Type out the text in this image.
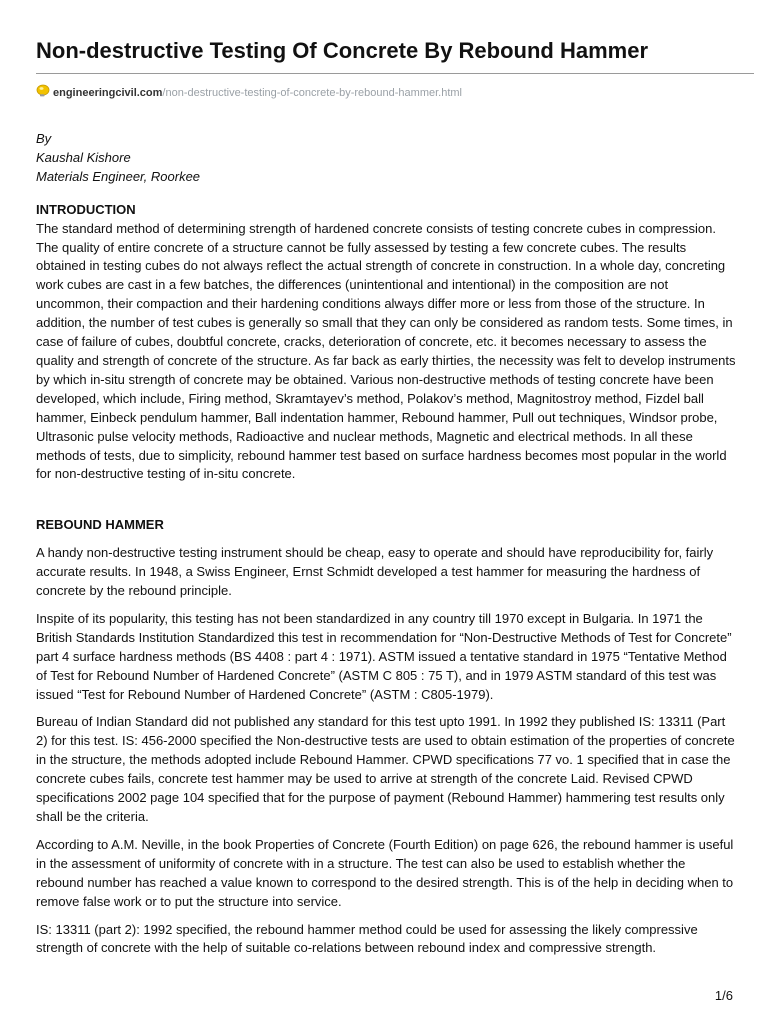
Non-destructive Testing Of Concrete By Rebound Hammer
engineeringcivil.com/non-destructive-testing-of-concrete-by-rebound-hammer.html

By
Kaushal Kishore
Materials Engineer, Roorkee

INTRODUCTION

The standard method of determining strength of hardened concrete consists of testing concrete cubes in compression. The quality of entire concrete of a structure cannot be fully assessed by testing a few concrete cubes. The results obtained in testing cubes do not always reflect the actual strength of concrete in construction. In a whole day, concreting work cubes are cast in a few batches, the differences (unintentional and intentional) in the composition are not uncommon, their compaction and their hardening conditions always differ more or less from those of the structure. In addition, the number of test cubes is generally so small that they can only be considered as random tests. Some times, in case of failure of cubes, doubtful concrete, cracks, deterioration of concrete, etc. it becomes necessary to assess the quality and strength of concrete of the structure. As far back as early thirties, the necessity was felt to develop instruments by which in-situ strength of concrete may be obtained. Various non-destructive methods of testing concrete have been developed, which include, Firing method, Skramtayev’s method, Polakov’s method, Magnitostroy method, Fizdel ball hammer, Einbeck pendulum hammer, Ball indentation hammer, Rebound hammer, Pull out techniques, Windsor probe, Ultrasonic pulse velocity methods, Radioactive and nuclear methods, Magnetic and electrical methods. In all these methods of tests, due to simplicity, rebound hammer test based on surface hardness becomes most popular in the world for non-destructive testing of in-situ concrete.

REBOUND HAMMER

A handy non-destructive testing instrument should be cheap, easy to operate and should have reproducibility for, fairly accurate results. In 1948, a Swiss Engineer, Ernst Schmidt developed a test hammer for measuring the hardness of concrete by the rebound principle.

Inspite of its popularity, this testing has not been standardized in any country till 1970 except in Bulgaria. In 1971 the British Standards Institution Standardized this test in recommendation for “Non-Destructive Methods of Test for Concrete” part 4 surface hardness methods (BS 4408 : part 4 : 1971). ASTM issued a tentative standard in 1975 “Tentative Method of Test for Rebound Number of Hardened Concrete” (ASTM C 805 : 75 T), and in 1979 ASTM standard of this test was issued “Test for Rebound Number of Hardened Concrete” (ASTM : C805-1979).

Bureau of Indian Standard did not published any standard for this test upto 1991. In 1992 they published IS: 13311 (Part 2) for this test. IS: 456-2000 specified the Non-destructive tests are used to obtain estimation of the properties of concrete in the structure, the methods adopted include Rebound Hammer. CPWD specifications 77 vo. 1 specified that in case the concrete cubes fails, concrete test hammer may be used to arrive at strength of the concrete Laid. Revised CPWD specifications 2002 page 104 specified that for the purpose of payment (Rebound Hammer) hammering test results only shall be the criteria.

According to A.M. Neville, in the book Properties of Concrete (Fourth Edition) on page 626, the rebound hammer is useful in the assessment of uniformity of concrete with in a structure. The test can also be used to establish whether the rebound number has reached a value known to correspond to the desired strength. This is of the help in deciding when to remove false work or to put the structure into service.

IS: 13311 (part 2): 1992 specified, the rebound hammer method could be used for assessing the likely compressive strength of concrete with the help of suitable co-relations between rebound index and compressive strength.

1/6
